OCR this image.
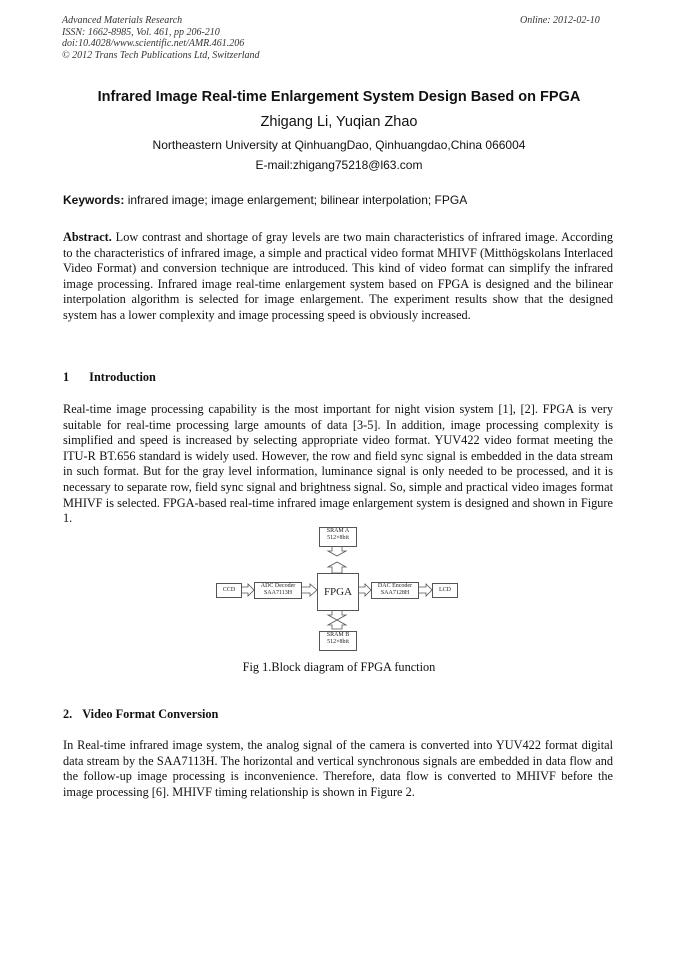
Advanced Materials Research
ISSN: 1662-8985, Vol. 461, pp 206-210
doi:10.4028/www.scientific.net/AMR.461.206
© 2012 Trans Tech Publications Ltd, Switzerland
Online: 2012-02-10
Infrared Image Real-time Enlargement System Design Based on FPGA
Zhigang Li, Yuqian Zhao
Northeastern University at QinhuangDao, Qinhuangdao,China 066004
E-mail:zhigang75218@l63.com
Keywords: infrared image; image enlargement; bilinear interpolation; FPGA
Abstract. Low contrast and shortage of gray levels are two main characteristics of infrared image. According to the characteristics of infrared image, a simple and practical video format MHIVF (Mitthögskolans Interlaced Video Format) and conversion technique are introduced. This kind of video format can simplify the infrared image processing. Infrared image real-time enlargement system based on FPGA is designed and the bilinear interpolation algorithm is selected for image enlargement. The experiment results show that the designed system has a lower complexity and image processing speed is obviously increased.
1 Introduction
Real-time image processing capability is the most important for night vision system [1], [2]. FPGA is very suitable for real-time processing large amounts of data [3-5]. In addition, image processing complexity is simplified and speed is increased by selecting appropriate video format. YUV422 video format meeting the ITU-R BT.656 standard is widely used. However, the row and field sync signal is embedded in the data stream in such format. But for the gray level information, luminance signal is only needed to be processed, and it is necessary to separate row, field sync signal and brightness signal. So, simple and practical video images format MHIVF is selected. FPGA-based real-time infrared image enlargement system is designed and shown in Figure 1.
SRAM A
512×8bit
CCD
ADC Decoder
SAA7113H	FPGA	DAC Encoder
SAA7128H	LCD
SRAM B
512×8bit
Fig 1.Block diagram of FPGA function
2. Video Format Conversion
In Real-time infrared image system, the analog signal of the camera is converted into YUV422 format digital data stream by the SAA7113H. The horizontal and vertical synchronous signals are embedded in data flow and the follow-up image processing is inconvenience. Therefore, data flow is converted to MHIVF before the image processing [6]. MHIVF timing relationship is shown in Figure 2.
